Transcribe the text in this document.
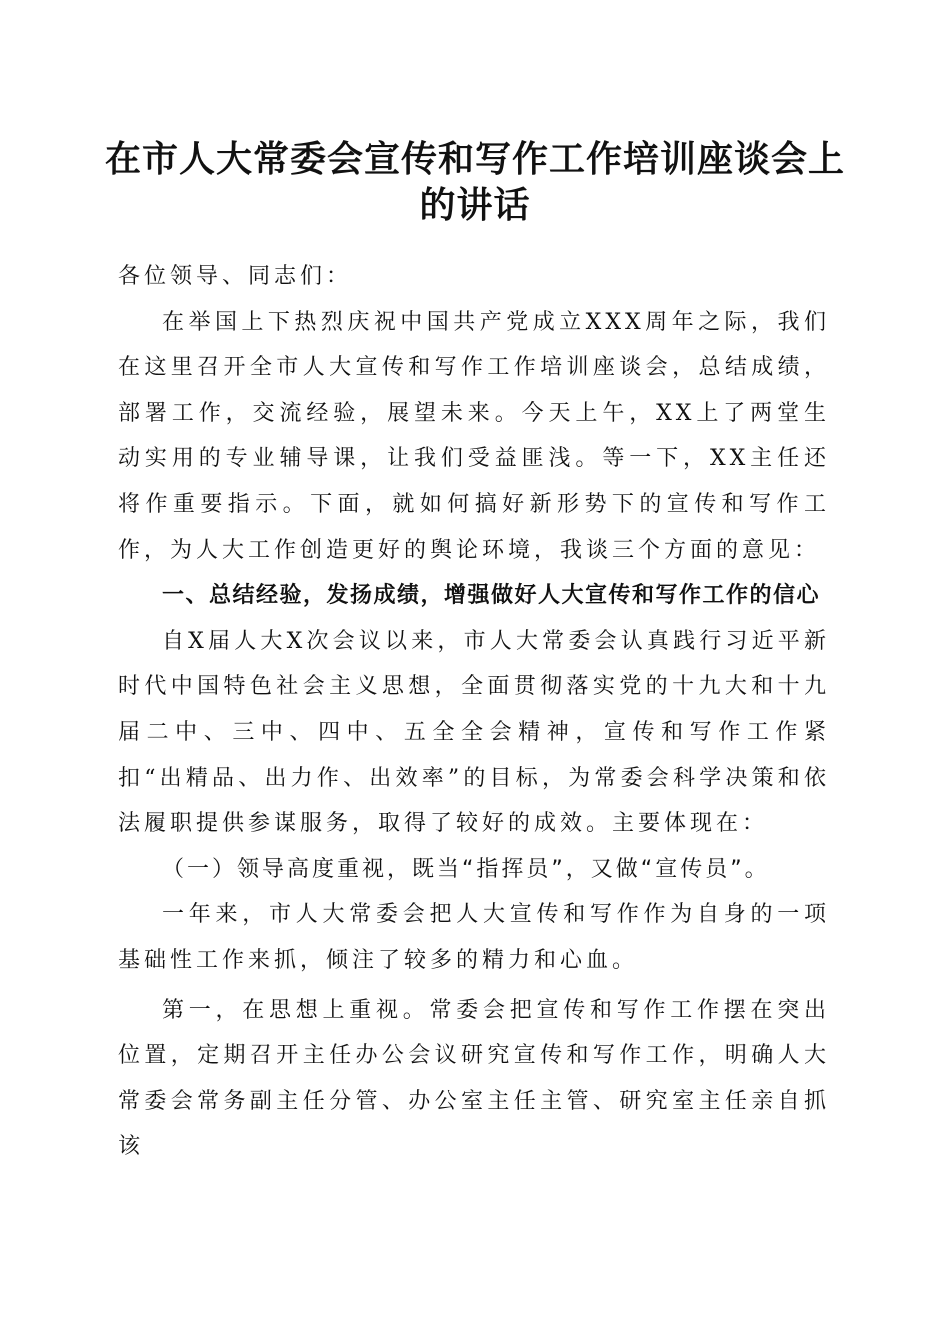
在市人大常委会宣传和写作工作培训座谈会上的讲话

各位领导、同志们：

在举国上下热烈庆祝中国共产党成立XXX周年之际，我们在这里召开全市人大宣传和写作工作培训座谈会，总结成绩，部署工作，交流经验，展望未来。今天上午，XX上了两堂生动实用的专业辅导课，让我们受益匪浅。等一下，XX主任还将作重要指示。下面，就如何搞好新形势下的宣传和写作工作，为人大工作创造更好的舆论环境，我谈三个方面的意见：

一、总结经验，发扬成绩，增强做好人大宣传和写作工作的信心

自X届人大X次会议以来，市人大常委会认真践行习近平新时代中国特色社会主义思想，全面贯彻落实党的十九大和十九届二中、三中、四中、五全全会精神，宣传和写作工作紧扣“出精品、出力作、出效率”的目标，为常委会科学决策和依法履职提供参谋服务，取得了较好的成效。主要体现在：

（一）领导高度重视，既当“指挥员”，又做“宣传员”。

一年来，市人大常委会把人大宣传和写作作为自身的一项基础性工作来抓，倾注了较多的精力和心血。

第一，在思想上重视。常委会把宣传和写作工作摆在突出位置，定期召开主任办公会议研究宣传和写作工作，明确人大常委会常务副主任分管、办公室主任主管、研究室主任亲自抓该
